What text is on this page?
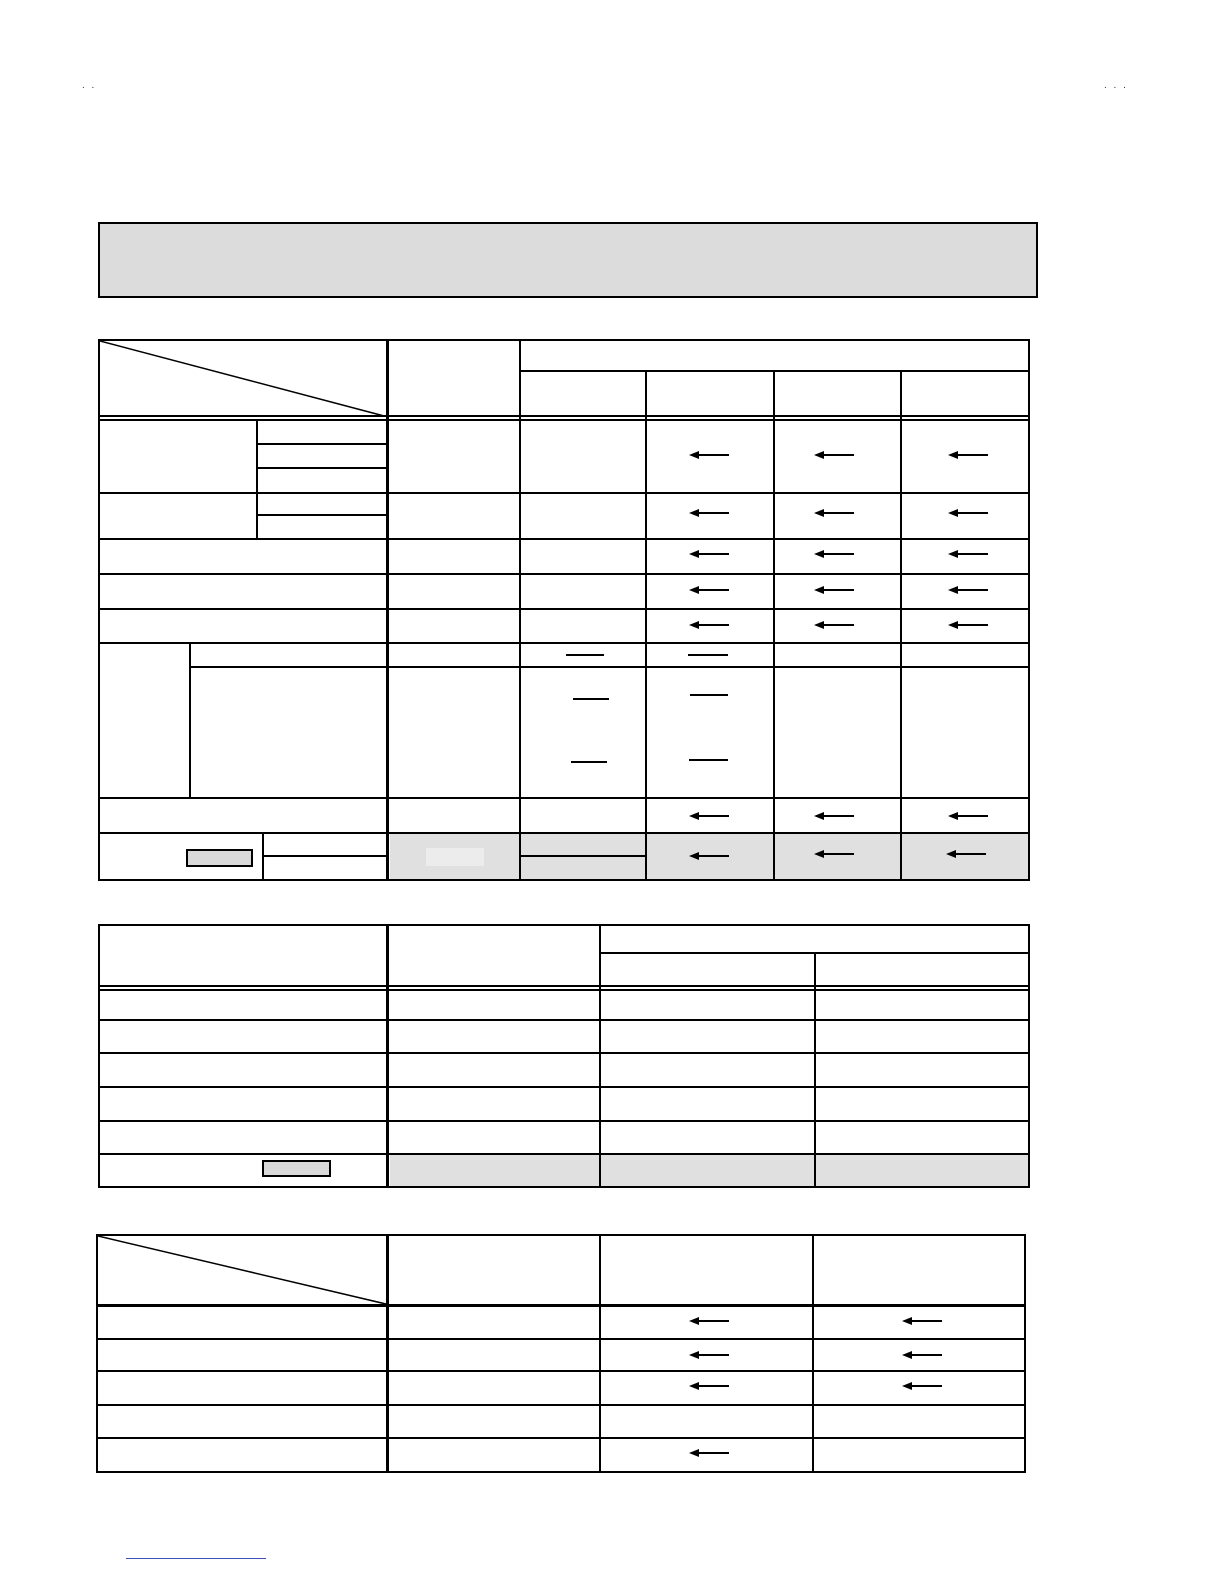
. .	. . .
